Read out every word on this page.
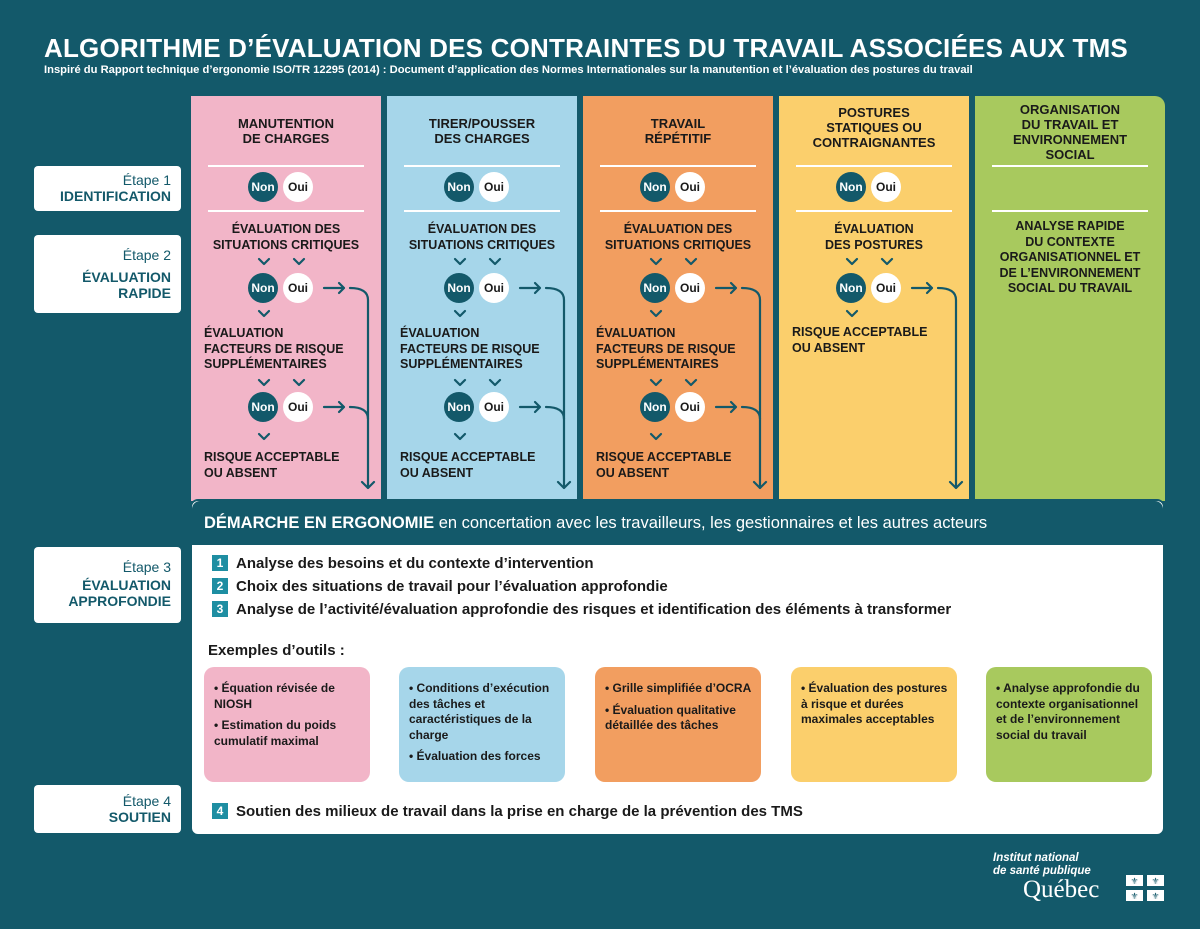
ALGORITHME D’ÉVALUATION DES CONTRAINTES DU TRAVAIL ASSOCIÉES AUX TMS
Inspiré du Rapport technique d’ergonomie ISO/TR 12295 (2014) : Document d’application des Normes Internationales sur la manutention et l’évaluation des postures du travail
Étape 1
IDENTIFICATION
Étape 2
ÉVALUATION
RAPIDE
Étape 3
ÉVALUATION
APPROFONDIE
Étape 4
SOUTIEN
MANUTENTION
DE CHARGES
Non	Oui
ÉVALUATION DES
SITUATIONS CRITIQUES
Non	Oui
ÉVALUATION
FACTEURS DE RISQUE
SUPPLÉMENTAIRES
Non	Oui
RISQUE ACCEPTABLE
OU ABSENT
TIRER/POUSSER
DES CHARGES
Non	Oui
ÉVALUATION DES
SITUATIONS CRITIQUES
Non	Oui
ÉVALUATION
FACTEURS DE RISQUE
SUPPLÉMENTAIRES
Non	Oui
RISQUE ACCEPTABLE
OU ABSENT
TRAVAIL
RÉPÉTITIF
Non	Oui
ÉVALUATION DES
SITUATIONS CRITIQUES
Non	Oui
ÉVALUATION
FACTEURS DE RISQUE
SUPPLÉMENTAIRES
Non	Oui
RISQUE ACCEPTABLE
OU ABSENT
POSTURES
STATIQUES OU
CONTRAIGNANTES
Non	Oui
ÉVALUATION
DES POSTURES
Non	Oui
RISQUE ACCEPTABLE
OU ABSENT
ORGANISATION
DU TRAVAIL ET
ENVIRONNEMENT
SOCIAL
ANALYSE RAPIDE
DU CONTEXTE
ORGANISATIONNEL ET
DE L’ENVIRONNEMENT
SOCIAL DU TRAVAIL
DÉMARCHE EN ERGONOMIE en concertation avec les travailleurs, les gestionnaires et les autres acteurs
1 Analyse des besoins et du contexte d’intervention
2 Choix des situations de travail pour l’évaluation approfondie
3 Analyse de l’activité/évaluation approfondie des risques et identification des éléments à transformer
Exemples d’outils :
• Équation révisée de NIOSH
• Estimation du poids cumulatif maximal
• Conditions d’exécution des tâches et caractéristiques de la charge
• Évaluation des forces
• Grille simplifiée d’OCRA
• Évaluation qualitative détaillée des tâches
• Évaluation des postures à risque et durées maximales acceptables
• Analyse approfondie du contexte organisationnel et de l’environnement social du travail
4 Soutien des milieux de travail dans la prise en charge de la prévention des TMS
Institut national
de santé publique
Québec	⚜ ⚜
⚜ ⚜
